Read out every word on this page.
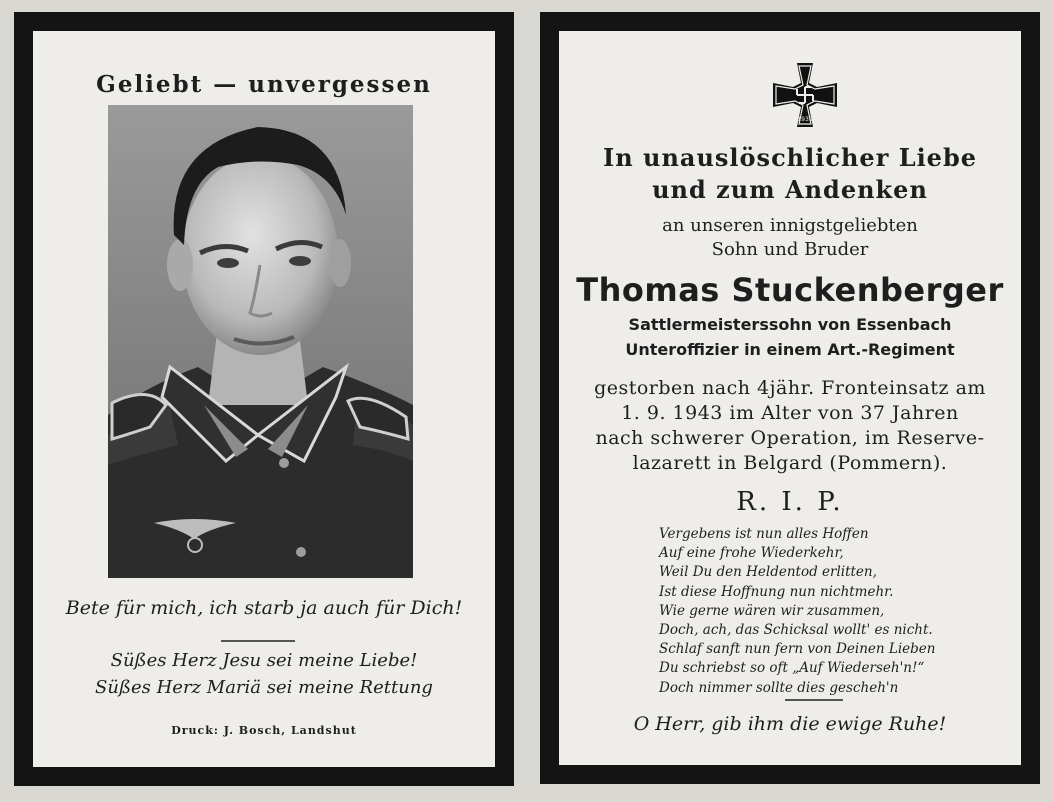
Geliebt — unvergessen
Bete für mich, ich starb ja auch für Dich!
Süßes Herz Jesu sei meine Liebe!
Süßes Herz Mariä sei meine Rettung
Druck: J. Bosch, Landshut
1939
In unauslöschlicher Liebe
und zum Andenken
an unseren innigstgeliebten
Sohn und Bruder
Thomas Stuckenberger
Sattlermeisterssohn von Essenbach
Unteroffizier in einem Art.-Regiment
gestorben nach 4jähr. Fronteinsatz am
1. 9. 1943 im Alter von 37 Jahren
nach schwerer Operation, im Reserve-
lazarett in Belgard (Pommern).
R. I. P.
Vergebens ist nun alles Hoffen
Auf eine frohe Wiederkehr,
Weil Du den Heldentod erlitten,
Ist diese Hoffnung nun nichtmehr.
Wie gerne wären wir zusammen,
Doch, ach, das Schicksal wollt' es nicht.
Schlaf sanft nun fern von Deinen Lieben
Du schriebst so oft „Auf Wiederseh'n!“
Doch nimmer sollte dies gescheh'n
O Herr, gib ihm die ewige Ruhe!
